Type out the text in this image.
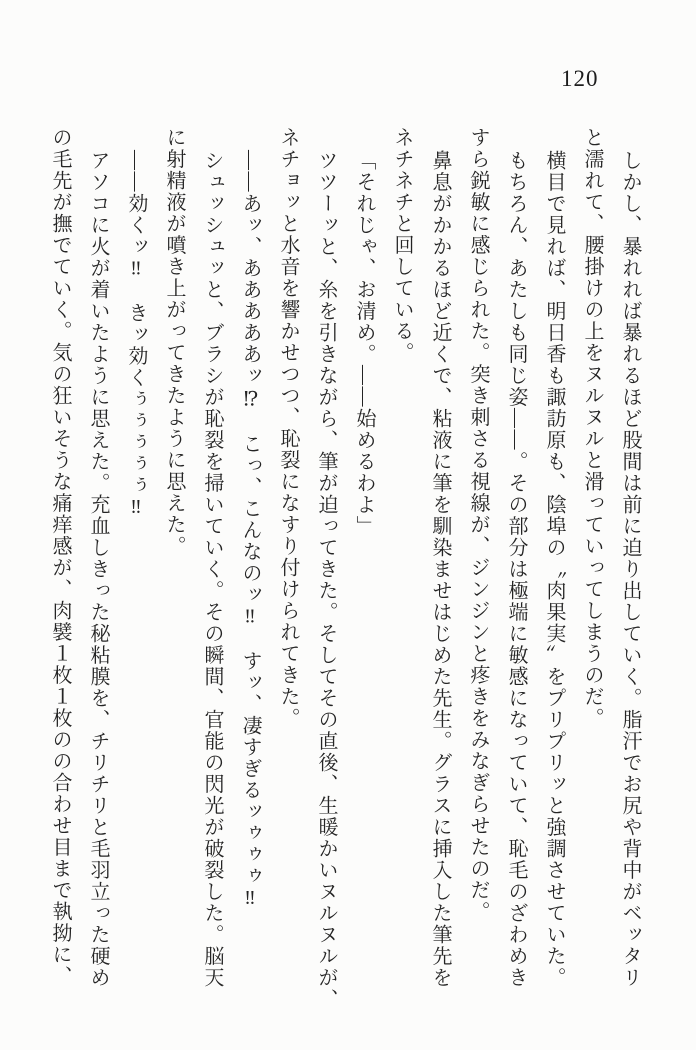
120
しかし、暴れれば暴れるほど股間は前に迫り出していく。脂汗でお尻や背中がベッタリ
と濡れて、腰掛けの上をヌルヌルと滑っていってしまうのだ。
横目で見れば、明日香も諏訪原も、陰埠の〝肉果実〟をプリプリッと強調させていた。
もちろん、あたしも同じ姿――。その部分は極端に敏感になっていて、恥毛のざわめき
すら鋭敏に感じられた。突き刺さる視線が、ジンジンと疼きをみなぎらせたのだ。
鼻息がかかるほど近くで、粘液に筆を馴染ませはじめた先生。グラスに挿入した筆先を
ネチネチと回している。
「それじゃ、お清め。――始めるわよ」
ツツーッと、糸を引きながら、筆が迫ってきた。そしてその直後、生暖かいヌルヌルが、
ネチョッと水音を響かせつつ、恥裂になすり付けられてきた。
――あッ、あああああッ⁉　こっ、こんなのッ‼　すッ、凄すぎるッゥゥゥ‼
シュッシュッと、ブラシが恥裂を掃いていく。その瞬間、官能の閃光が破裂した。脳天
に射精液が噴き上がってきたように思えた。
――効くッ‼　きッ効くぅぅぅぅぅ‼
アソコに火が着いたように思えた。充血しきった秘粘膜を、チリチリと毛羽立った硬め
の毛先が撫でていく。気の狂いそうな痛痒感が、肉襞１枚１枚のの合わせ目まで執拗に、
